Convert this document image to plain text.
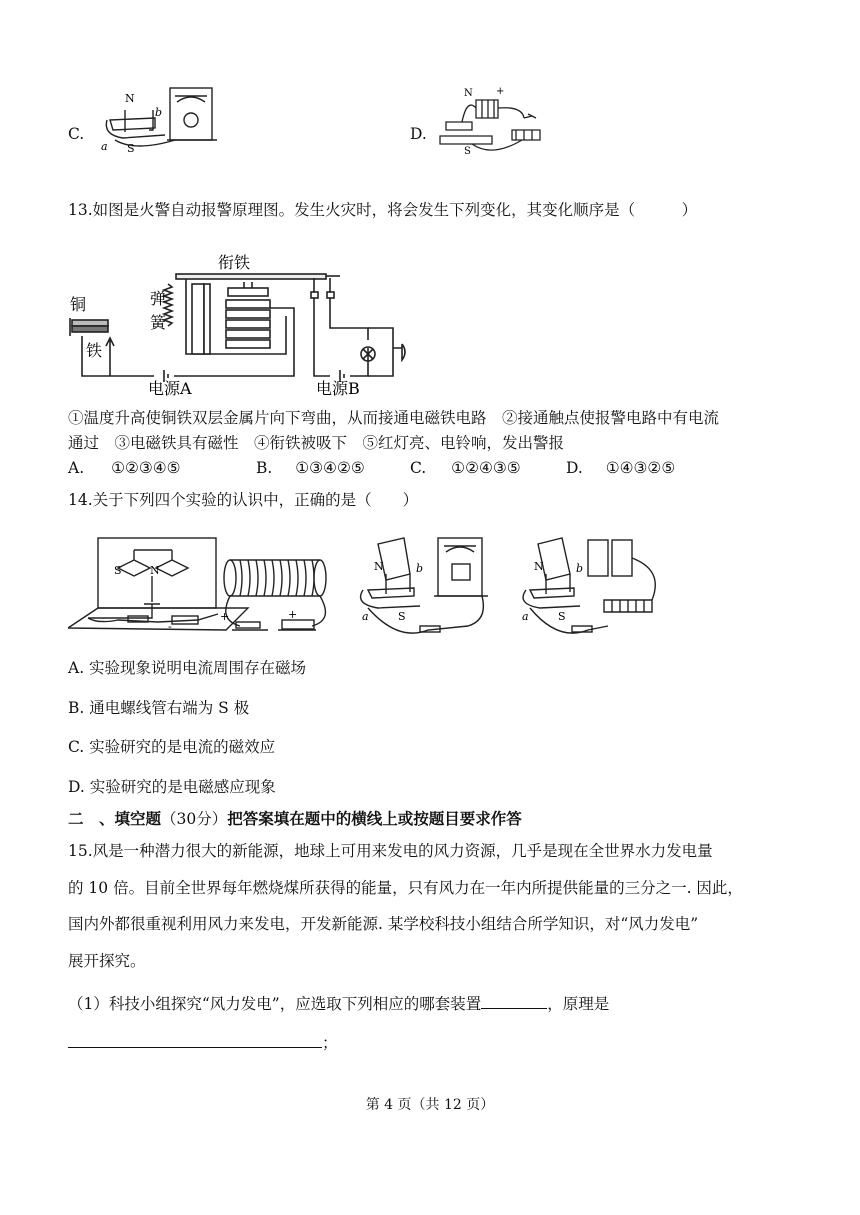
C.
N
S
a
b
D.
N
S
+
13.如图是火警自动报警原理图。发生火灾时，将会发生下列变化，其变化顺序是（　　　）
衔铁
弹
簧
铜
铁
电源A	电源B
①温度升高使铜铁双层金属片向下弯曲，从而接通电磁铁电路　②接通触点使报警电路中有电流
通过　③电磁铁具有磁性　④衔铁被吸下　⑤红灯亮、电铃响，发出警报
A. ①②③④⑤	B. ①③④②⑤	C. ①②④③⑤	D. ①④③②⑤
14.关于下列四个实验的认识中，正确的是（　　）
S	N
-
+	+
N
S
a
b	N
S
a
b
A. 实验现象说明电流周围存在磁场
B. 通电螺线管右端为 S 极
C. 实验研究的是电流的磁效应
D. 实验研究的是电磁感应现象
二　、填空题（30分）把答案填在题中的横线上或按题目要求作答
15.风是一种潜力很大的新能源，地球上可用来发电的风力资源，几乎是现在全世界水力发电量
的 10 倍。目前全世界每年燃烧煤所获得的能量，只有风力在一年内所提供能量的三分之一. 因此，
国内外都很重视利用风力来发电，开发新能源. 某学校科技小组结合所学知识，对“风力发电”
展开探究。
（1）科技小组探究“风力发电”，应选取下列相应的哪套装置	，原理是
；
第 4 页（共 12 页）
